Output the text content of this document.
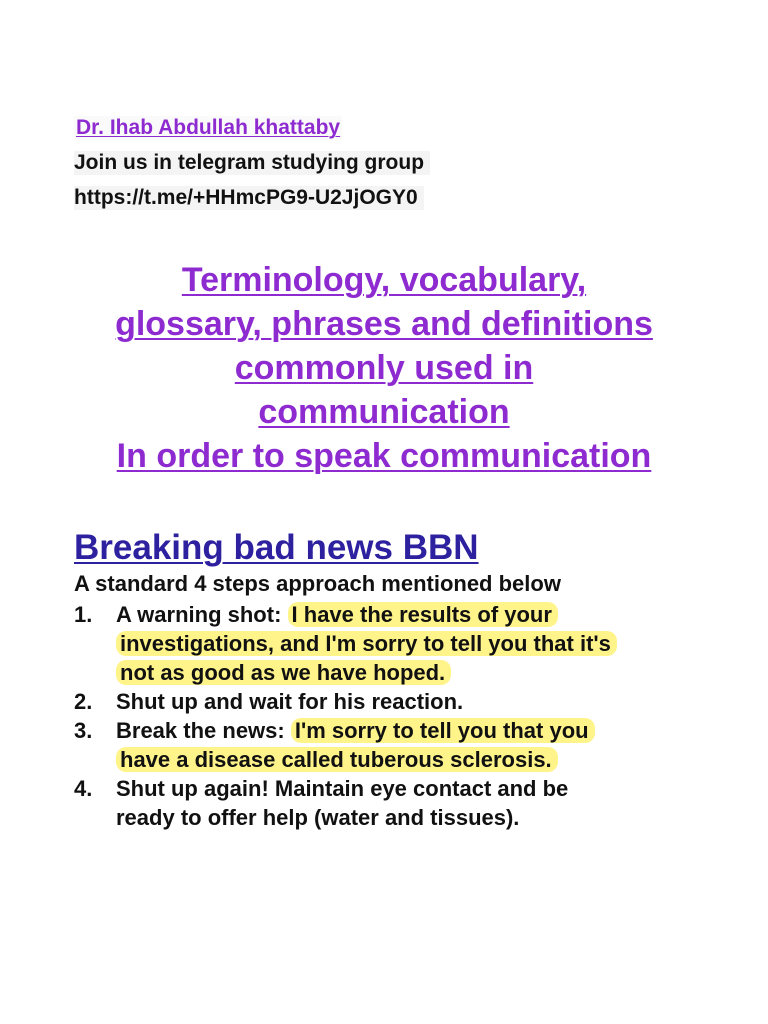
Dr. Ihab Abdullah khattaby
Join us in telegram studying group
https://t.me/+HHmcPG9-U2JjOGY0
Terminology, vocabulary,
glossary, phrases and definitions
commonly used in
communication
In order to speak communication
Breaking bad news BBN
A standard 4 steps approach mentioned below
1. A warning shot: I have the results of your
investigations, and I'm sorry to tell you that it's
not as good as we have hoped.
2. Shut up and wait for his reaction.
3. Break the news: I'm sorry to tell you that you
have a disease called tuberous sclerosis.
4. Shut up again! Maintain eye contact and be
ready to offer help (water and tissues).
